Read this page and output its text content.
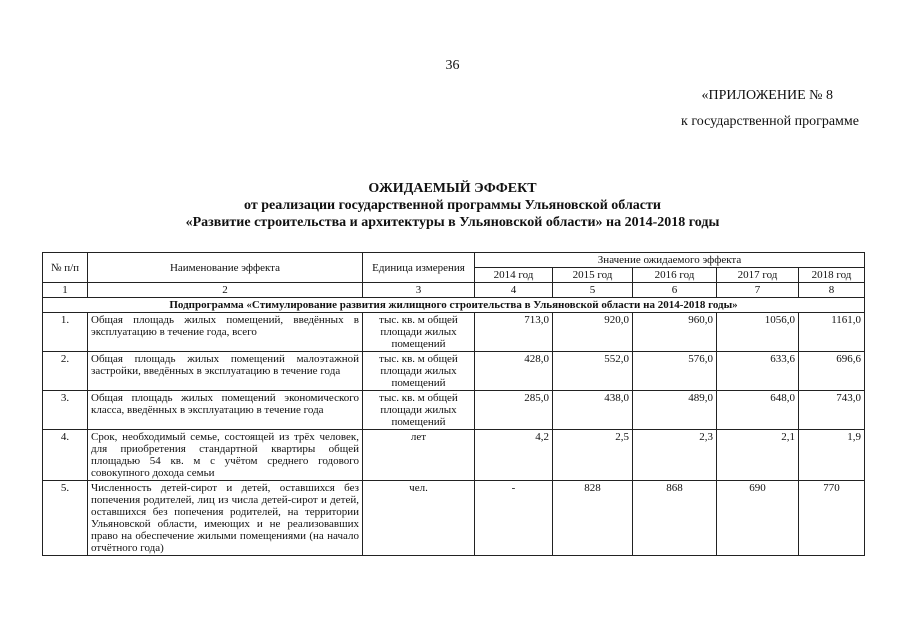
36
«ПРИЛОЖЕНИЕ № 8
к государственной программе
ОЖИДАЕМЫЙ ЭФФЕКТ
от реализации государственной программы Ульяновской области
«Развитие строительства и архитектуры в Ульяновской области» на 2014-2018 годы
№ п/п	Наименование эффекта	Единица измерения	Значение ожидаемого эффекта				
			2014 год	2015 год	2016 год	2017 год	2018 год
1	2	3	4	5	6	7	8
Подпрограмма «Стимулирование развития жилищного строительства в Ульяновской области на 2014-2018 годы»							
1.	Общая площадь жилых помещений, введённых в эксплуатацию в течение года, всего	тыс. кв. м общей площади жилых помещений	713,0	920,0	960,0	1056,0	1161,0
2.	Общая площадь жилых помещений малоэтажной застройки, введённых в эксплуатацию в течение года	тыс. кв. м общей площади жилых помещений	428,0	552,0	576,0	633,6	696,6
3.	Общая площадь жилых помещений экономического класса, введённых в эксплуатацию в течение года	тыс. кв. м общей площади жилых помещений	285,0	438,0	489,0	648,0	743,0
4.	Срок, необходимый семье, состоящей из трёх человек, для приобретения стандартной квартиры общей площадью 54 кв. м с учётом среднего годового совокупного дохода семьи	лет	4,2	2,5	2,3	2,1	1,9
5.	Численность детей-сирот и детей, оставшихся без попечения родителей, лиц из числа детей-сирот и детей, оставшихся без попечения родителей, на территории Ульяновской области, имеющих и не реализовавших право на обеспечение жилыми помещениями (на начало отчётного года)	чел.	-	828	868	690	770
